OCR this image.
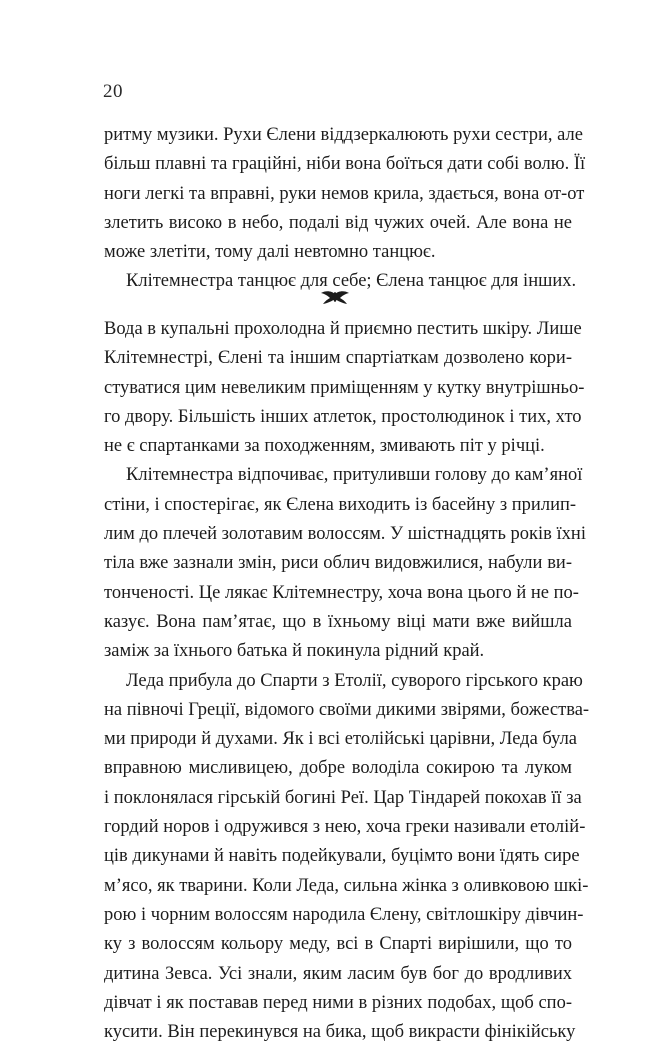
20
ритму музики. Рухи Єлени віддзеркалюють рухи сестри, але
більш плавні та граційні, ніби вона боїться дати собі волю. Її
ноги легкі та вправні, руки немов крила, здається, вона от-от
злетить високо в небо, подалі від чужих очей. Але вона не
може злетіти, тому далі невтомно танцює.
Клітемнестра танцює для себе; Єлена танцює для інших.
Вода в купальні прохолодна й приємно пестить шкіру. Лише
Клітемнестрі, Єлені та іншим спартіаткам дозволено кори-
стуватися цим невеликим приміщенням у кутку внутрішньо-
го двору. Більшість інших атлеток, простолюдинок і тих, хто
не є спартанками за походженням, змивають піт у річці.
Клітемнестра відпочиває, притуливши голову до кам’яної
стіни, і спостерігає, як Єлена виходить із басейну з прилип-
лим до плечей золотавим волоссям. У шістнадцять років їхні
тіла вже зазнали змін, риси облич видовжилися, набули ви-
тонченості. Це лякає Клітемнестру, хоча вона цього й не по-
казує. Вона пам’ятає, що в їхньому віці мати вже вийшла
заміж за їхнього батька й покинула рідний край.
Леда прибула до Спарти з Етолії, суворого гірського краю
на півночі Греції, відомого своїми дикими звірями, божества-
ми природи й духами. Як і всі етолійські царівни, Леда була
вправною мисливицею, добре володіла сокирою та луком
і поклонялася гірській богині Реї. Цар Тіндарей покохав її за
гордий норов і одружився з нею, хоча греки називали етолій-
ців дикунами й навіть подейкували, буцімто вони їдять сире
м’ясо, як тварини. Коли Леда, сильна жінка з оливковою шкі-
рою і чорним волоссям народила Єлену, світлошкіру дівчин-
ку з волоссям кольору меду, всі в Спарті вирішили, що то
дитина Зевса. Усі знали, яким ласим був бог до вродливих
дівчат і як поставав перед ними в різних подобах, щоб спо-
кусити. Він перекинувся на бика, щоб викрасти фінікійську
